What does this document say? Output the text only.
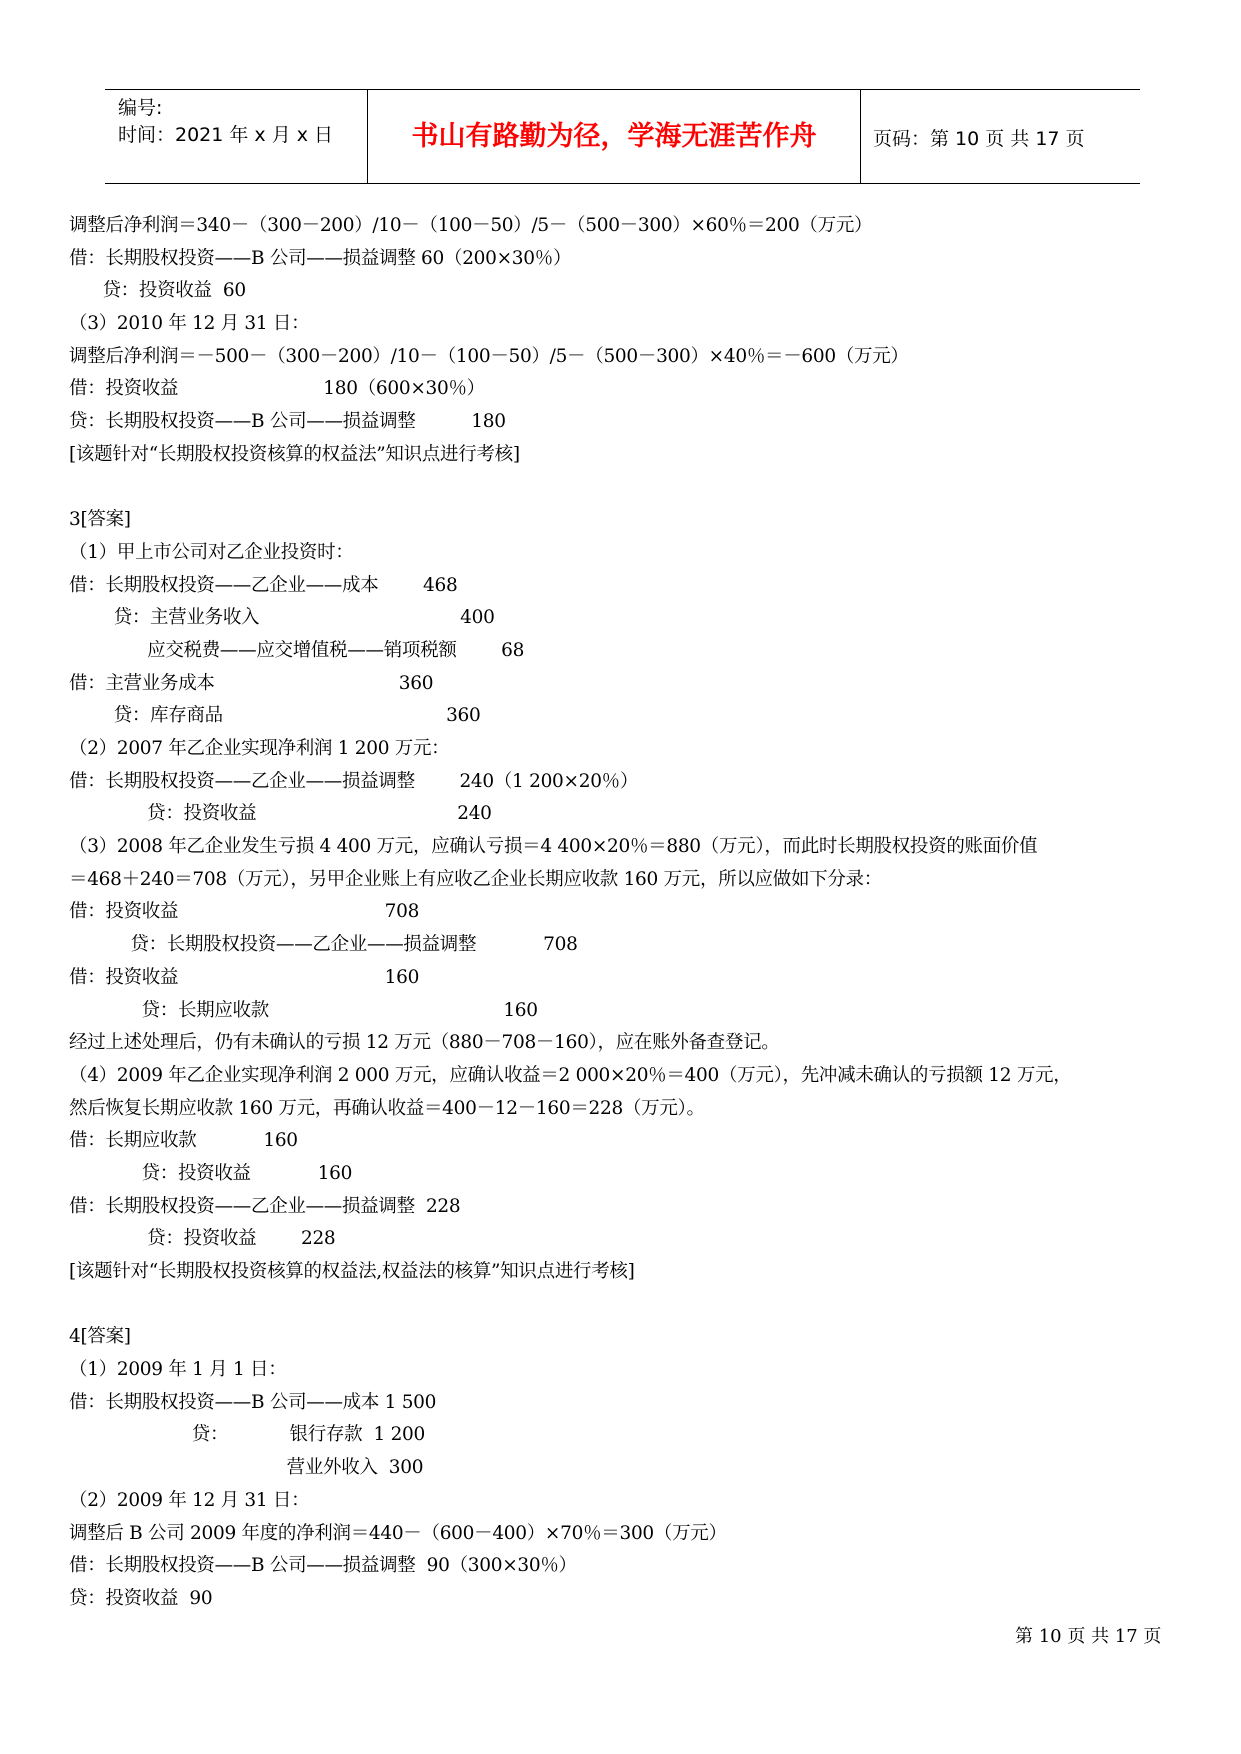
编号:
时间：2021 年 x 月 x 日	书山有路勤为径，学海无涯苦作舟	页码：第 10 页 共 17 页
调整后净利润＝340－（300－200）/10－（100－50）/5－（500－300）×60％＝200（万元）
借：长期股权投资——B 公司——损益调整 60（200×30％）
贷：投资收益  60
（3）2010 年 12 月 31 日：
调整后净利润＝－500－（300－200）/10－（100－50）/5－（500－300）×40％＝－600（万元）
借：投资收益                          180（600×30％）
贷：长期股权投资——B 公司——损益调整          180
[该题针对“长期股权投资核算的权益法”知识点进行考核]
3[答案]
（1）甲上市公司对乙企业投资时：
借：长期股权投资——乙企业——成本        468
贷：主营业务收入                                    400
应交税费——应交增值税——销项税额        68
借：主营业务成本                                 360
贷：库存商品                                        360
（2）2007 年乙企业实现净利润 1 200 万元：
借：长期股权投资——乙企业——损益调整        240（1 200×20％）
贷：投资收益                                    240
（3）2008 年乙企业发生亏损 4 400 万元，应确认亏损＝4 400×20％＝880（万元），而此时长期股权投资的账面价值
＝468＋240＝708（万元），另甲企业账上有应收乙企业长期应收款 160 万元，所以应做如下分录：
借：投资收益                                     708
贷：长期股权投资——乙企业——损益调整            708
借：投资收益                                     160
贷：长期应收款                                          160
经过上述处理后，仍有未确认的亏损 12 万元（880－708－160），应在账外备查登记。
（4）2009 年乙企业实现净利润 2 000 万元，应确认收益＝2 000×20％＝400（万元），先冲减未确认的亏损额 12 万元，
然后恢复长期应收款 160 万元，再确认收益＝400－12－160＝228（万元）。
借：长期应收款            160
贷：投资收益            160
借：长期股权投资——乙企业——损益调整  228
贷：投资收益        228
[该题针对“长期股权投资核算的权益法,权益法的核算”知识点进行考核]
4[答案]
（1）2009 年 1 月 1 日：
借：长期股权投资——B 公司——成本 1 500
贷：           银行存款  1 200
营业外收入  300
（2）2009 年 12 月 31 日：
调整后 B 公司 2009 年度的净利润＝440－（600－400）×70％＝300（万元）
借：长期股权投资——B 公司——损益调整  90（300×30％）
贷：投资收益  90
第 10 页 共 17 页
